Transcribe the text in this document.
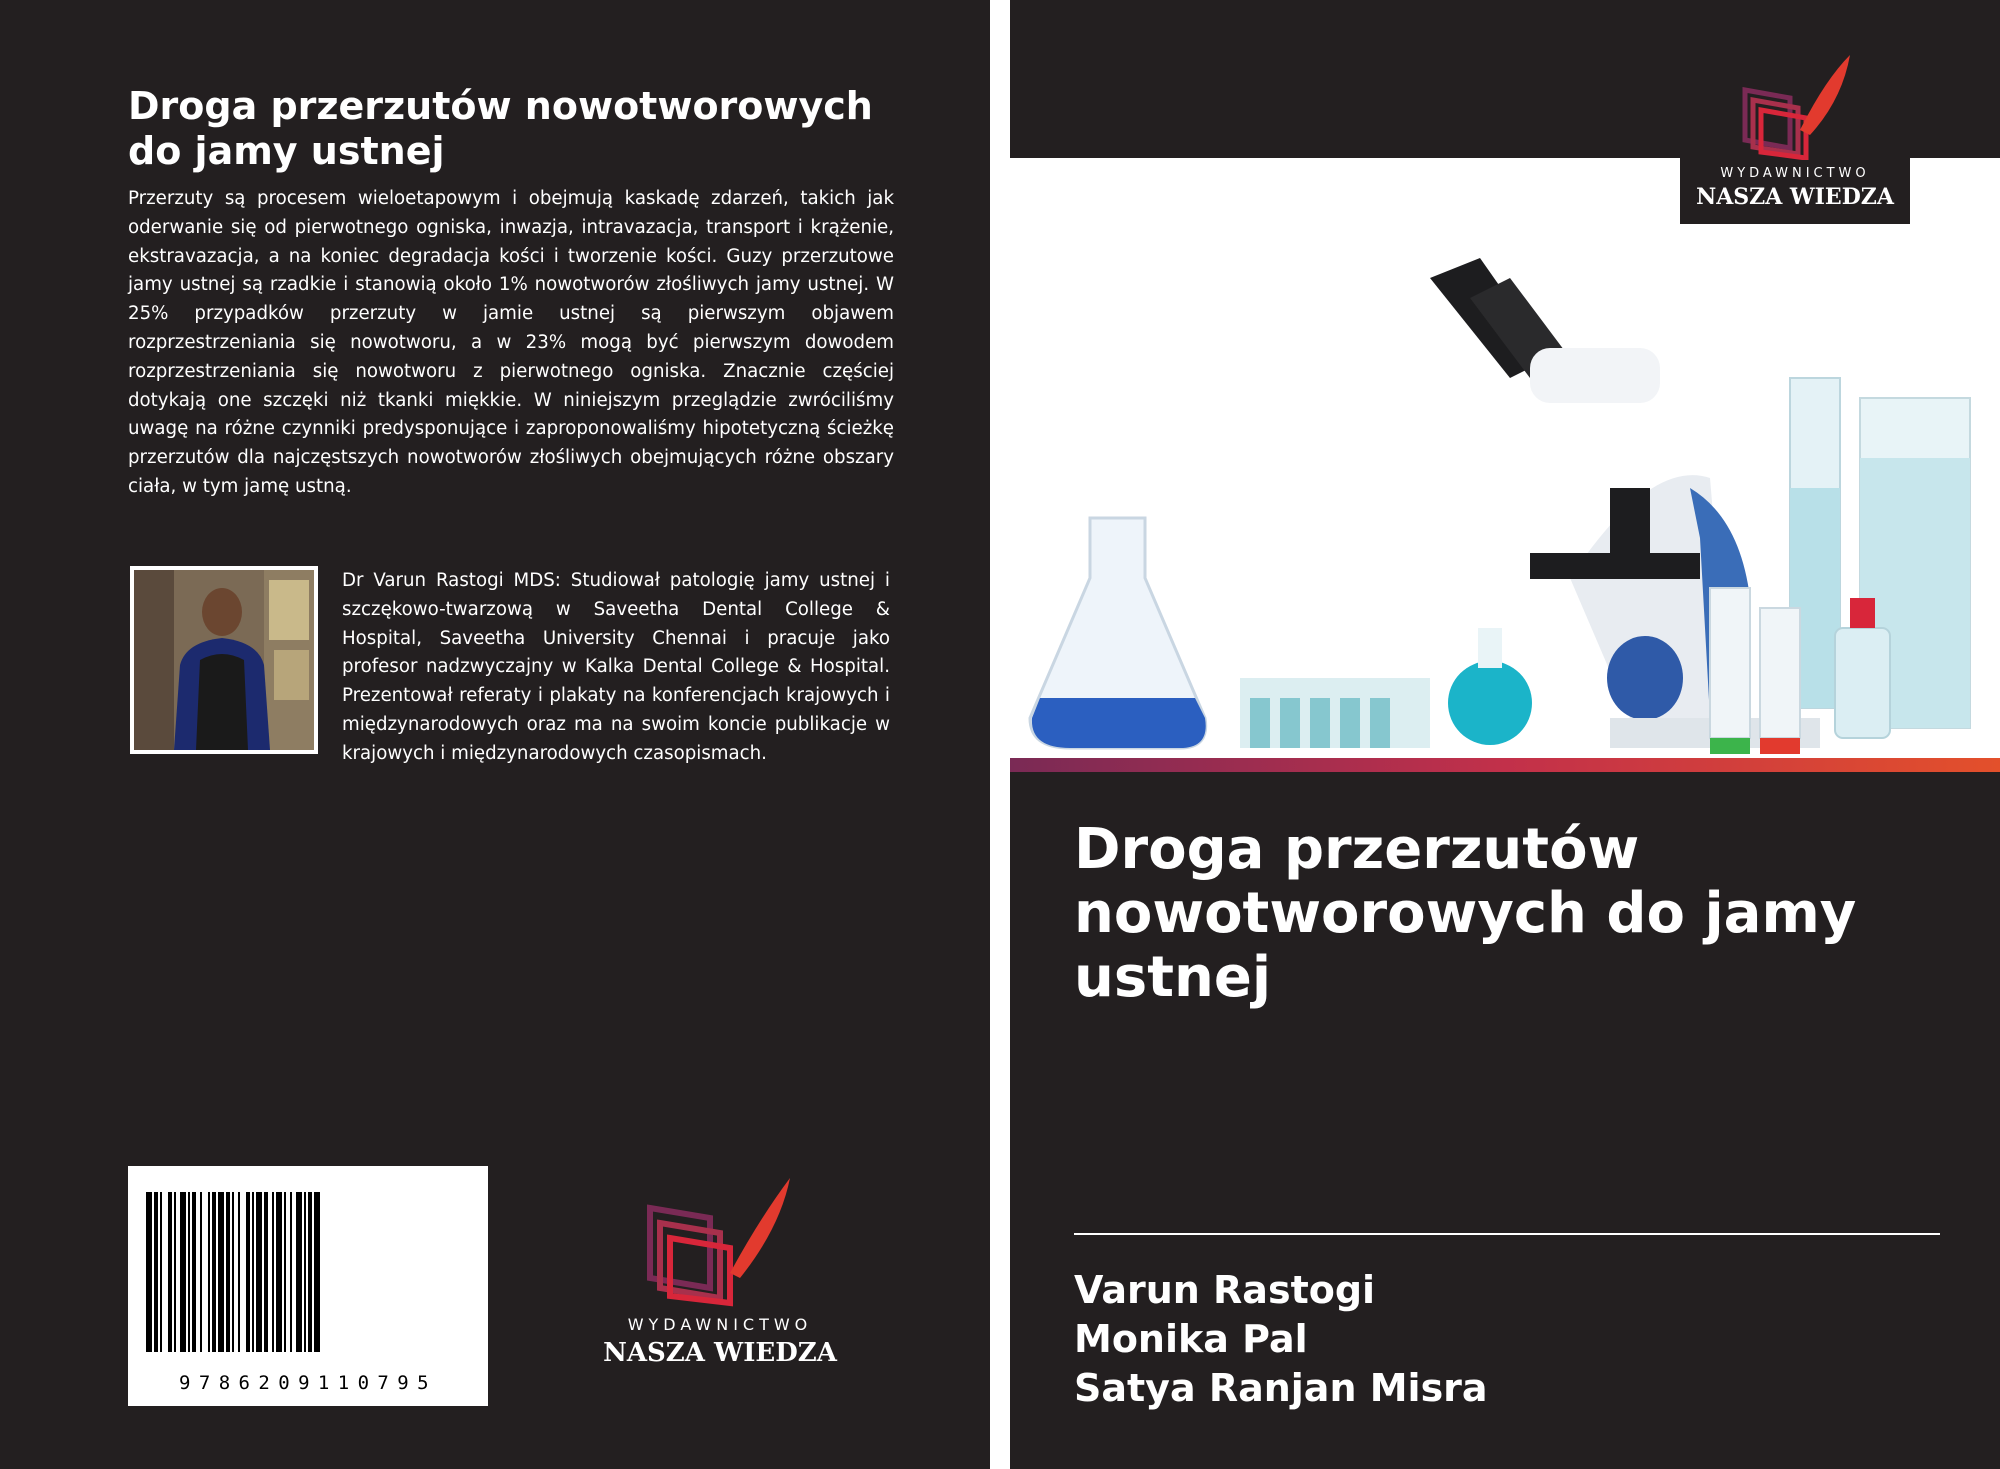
Droga przerzutów nowotworowych do jamy ustnej
Przerzuty są procesem wieloetapowym i obejmują kaskadę zdarzeń, takich jak oderwanie się od pierwotnego ogniska, inwazja, intravazacja, transport i krążenie, ekstravazacja, a na koniec degradacja kości i tworzenie kości. Guzy przerzutowe jamy ustnej są rzadkie i stanowią około 1% nowotworów złośliwych jamy ustnej. W 25% przypadków przerzuty w jamie ustnej są pierwszym objawem rozprzestrzeniania się nowotworu, a w 23% mogą być pierwszym dowodem rozprzestrzeniania się nowotworu z pierwotnego ogniska. Znacznie częściej dotykają one szczęki niż tkanki miękkie. W niniejszym przeglądzie zwróciliśmy uwagę na różne czynniki predysponujące i zaproponowaliśmy hipotetyczną ścieżkę przerzutów dla najczęstszych nowotworów złośliwych obejmujących różne obszary ciała, w tym jamę ustną.
Dr Varun Rastogi MDS: Studiował patologię jamy ustnej i szczękowo-twarzową w Saveetha Dental College & Hospital, Saveetha University Chennai i pracuje jako profesor nadzwyczajny w Kalka Dental College & Hospital. Prezentował referaty i plakaty na konferencjach krajowych i międzynarodowych oraz ma na swoim koncie publikacje w krajowych i międzynarodowych czasopismach.
9786209110795
WYDAWNICTWO
NASZA WIEDZA
WYDAWNICTWO
NASZA WIEDZA
Droga przerzutów nowotworowych do jamy ustnej
Varun Rastogi
Monika Pal
Satya Ranjan Misra
